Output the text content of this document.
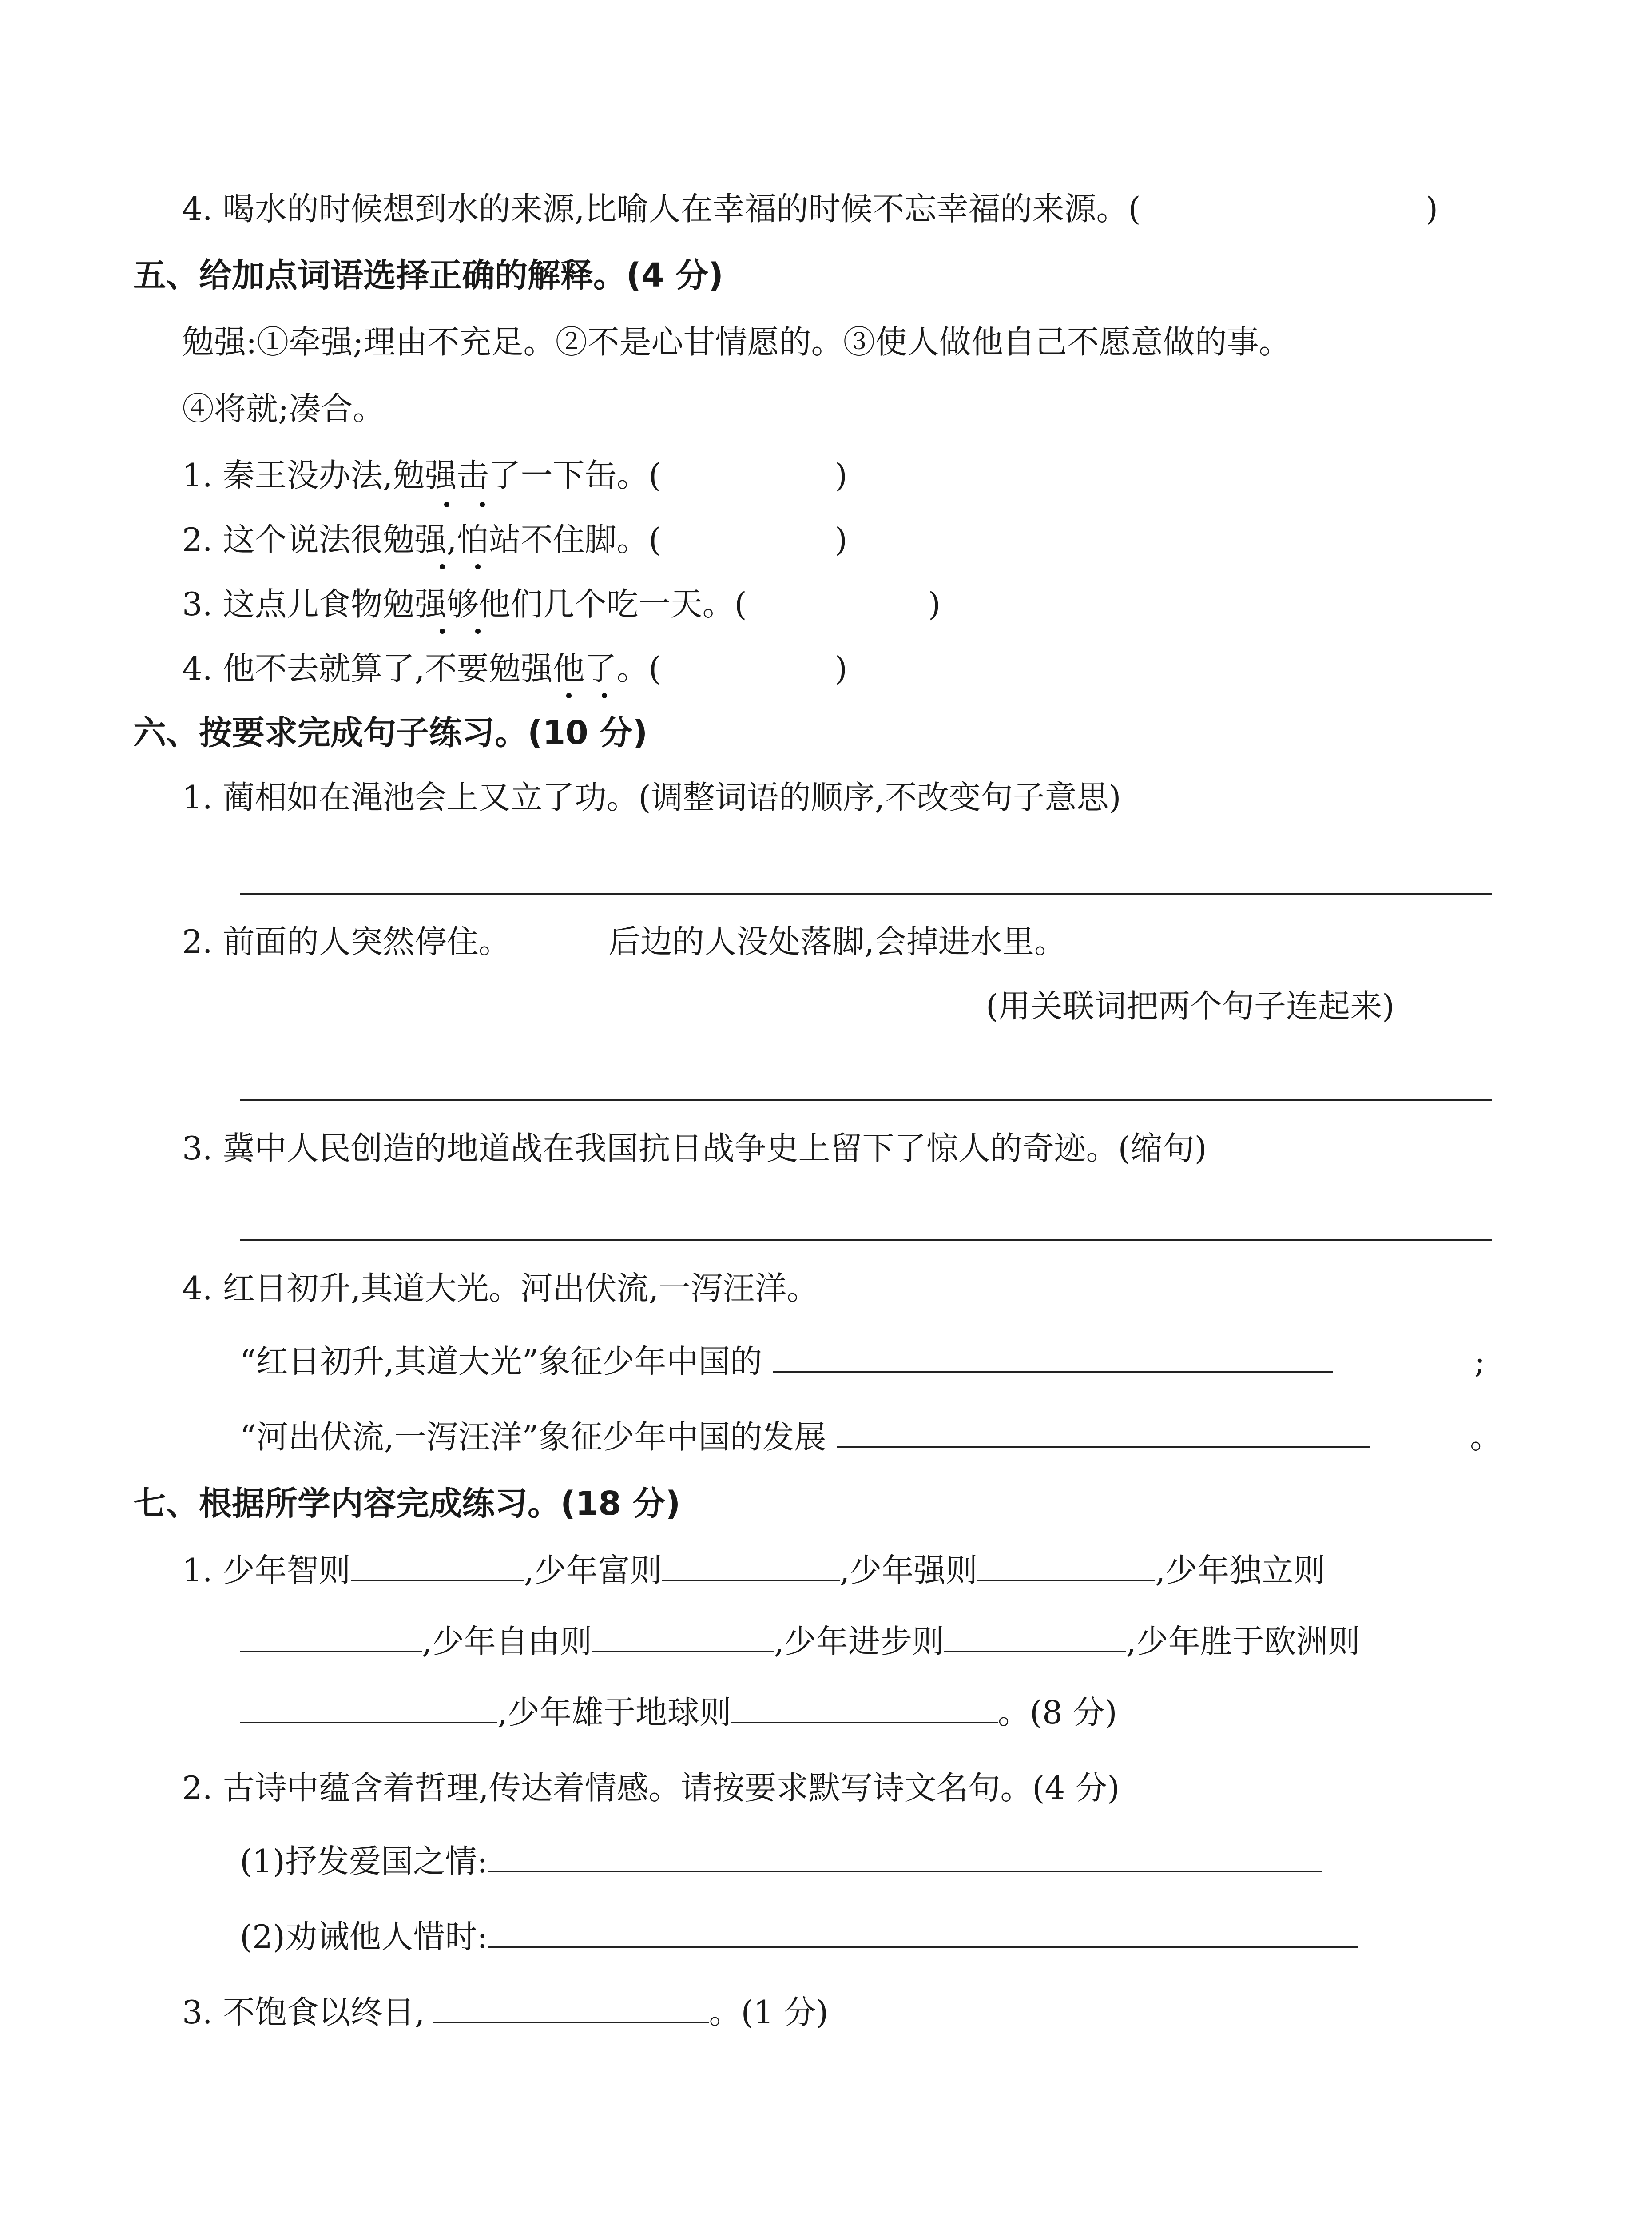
4. 喝水的时候想到水的来源,比喻人在幸福的时候不忘幸福的来源。(	)
五、给加点词语选择正确的解释。(4 分)
勉强:①牵强;理由不充足。②不是心甘情愿的。③使人做他自己不愿意做的事。
④将就;凑合。
1. 秦王没办法,勉强击了一下缶。(	)
2. 这个说法很勉强,怕站不住脚。(	)
3. 这点儿食物勉强够他们几个吃一天。(	)
4. 他不去就算了,不要勉强他了。(	)
六、按要求完成句子练习。(10 分)
1. 蔺相如在渑池会上又立了功。(调整词语的顺序,不改变句子意思)
2. 前面的人突然停住。	后边的人没处落脚,会掉进水里。
(用关联词把两个句子连起来)
3. 冀中人民创造的地道战在我国抗日战争史上留下了惊人的奇迹。(缩句)
4. 红日初升,其道大光。河出伏流,一泻汪洋。
“红日初升,其道大光”象征少年中国的	;
“河出伏流,一泻汪洋”象征少年中国的发展	。
七、根据所学内容完成练习。(18 分)
1. 少年智则	,少年富则	,少年强则	,少年独立则
,少年自由则	,少年进步则	,少年胜于欧洲则
,少年雄于地球则	。(8 分)
2. 古诗中蕴含着哲理,传达着情感。请按要求默写诗文名句。(4 分)
(1)抒发爱国之情:
(2)劝诫他人惜时:
3. 不饱食以终日,	。(1 分)
